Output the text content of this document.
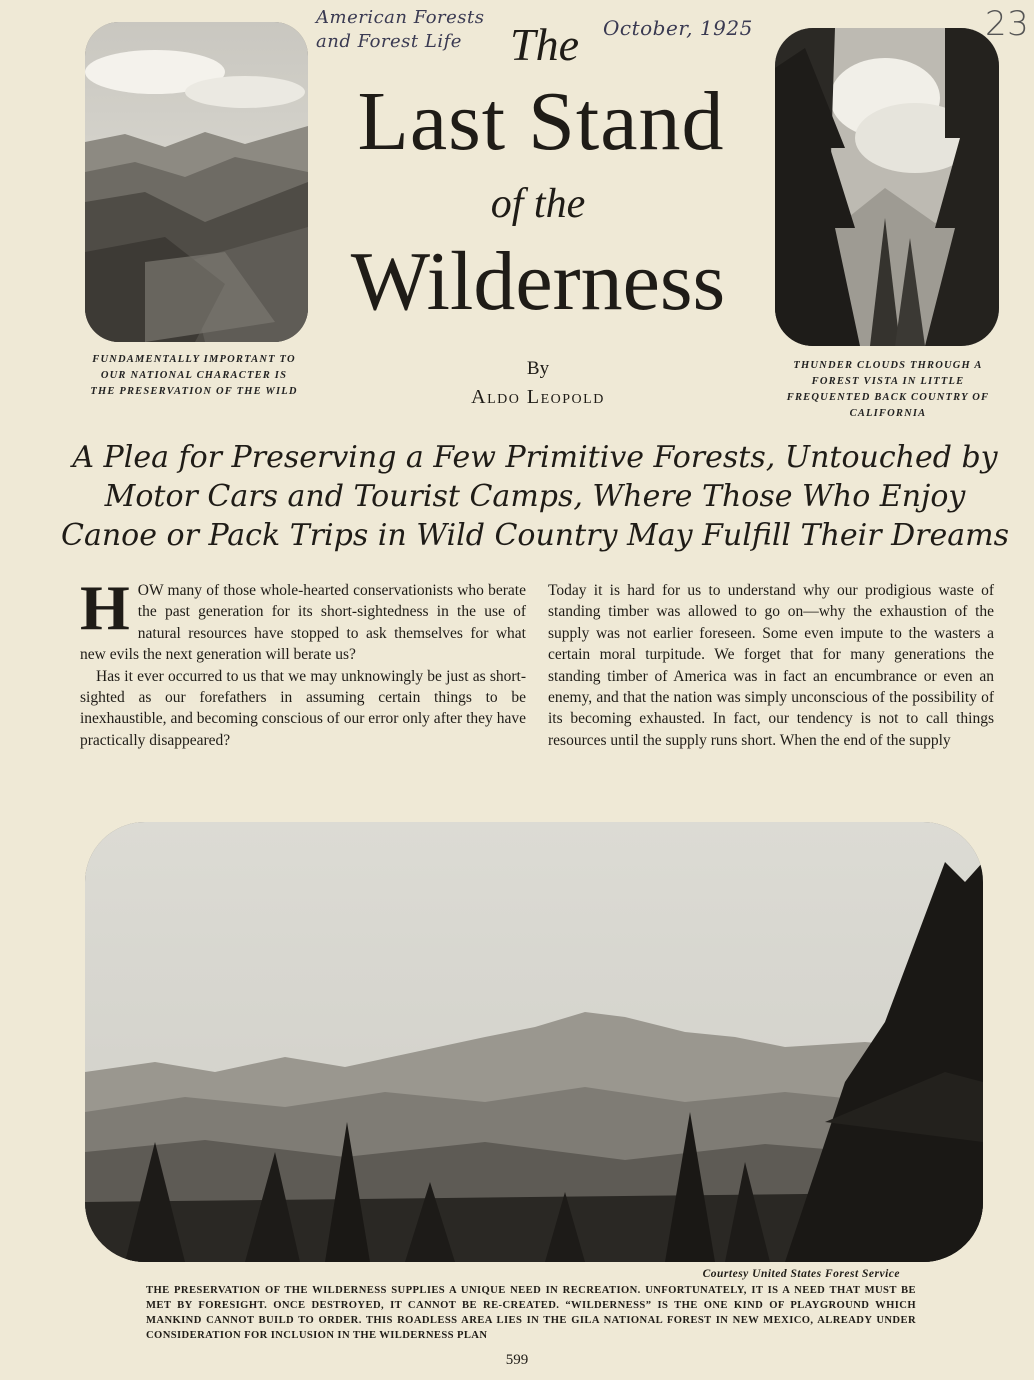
American Forests and Forest Life
October, 1925	23
FUNDAMENTALLY IMPORTANT TO OUR NATIONAL CHARACTER IS THE PRESERVATION OF THE WILD
THUNDER CLOUDS THROUGH A FOREST VISTA IN LITTLE FREQUENTED BACK COUNTRY OF CALIFORNIA
The
Last Stand
of the
Wilderness
By
Aldo Leopold
A Plea for Preserving a Few Primitive Forests, Untouched by Motor Cars and Tourist Camps, Where Those Who Enjoy Canoe or Pack Trips in Wild Country May Fulfill Their Dreams

HOW many of those whole-hearted conservationists who berate the past generation for its short-sightedness in the use of natural resources have stopped to ask themselves for what new evils the next generation will berate us?

Has it ever occurred to us that we may unknowingly be just as short-sighted as our forefathers in assuming certain things to be inexhaustible, and becoming conscious of our error only after they have practically disappeared?

Today it is hard for us to understand why our prodigious waste of standing timber was allowed to go on—why the exhaustion of the supply was not earlier foreseen. Some even impute to the wasters a certain moral turpitude. We forget that for many generations the standing timber of America was in fact an encumbrance or even an enemy, and that the nation was simply unconscious of the possibility of its becoming exhausted. In fact, our tendency is not to call things resources until the supply runs short. When the end of the supply

Courtesy United States Forest Service
THE PRESERVATION OF THE WILDERNESS SUPPLIES A UNIQUE NEED IN RECREATION. UNFORTUNATELY, IT IS A NEED THAT MUST BE MET BY FORESIGHT. ONCE DESTROYED, IT CANNOT BE RE-CREATED. “WILDERNESS” IS THE ONE KIND OF PLAYGROUND WHICH MANKIND CANNOT BUILD TO ORDER. THIS ROADLESS AREA LIES IN THE GILA NATIONAL FOREST IN NEW MEXICO, ALREADY UNDER CONSIDERATION FOR INCLUSION IN THE WILDERNESS PLAN
599
